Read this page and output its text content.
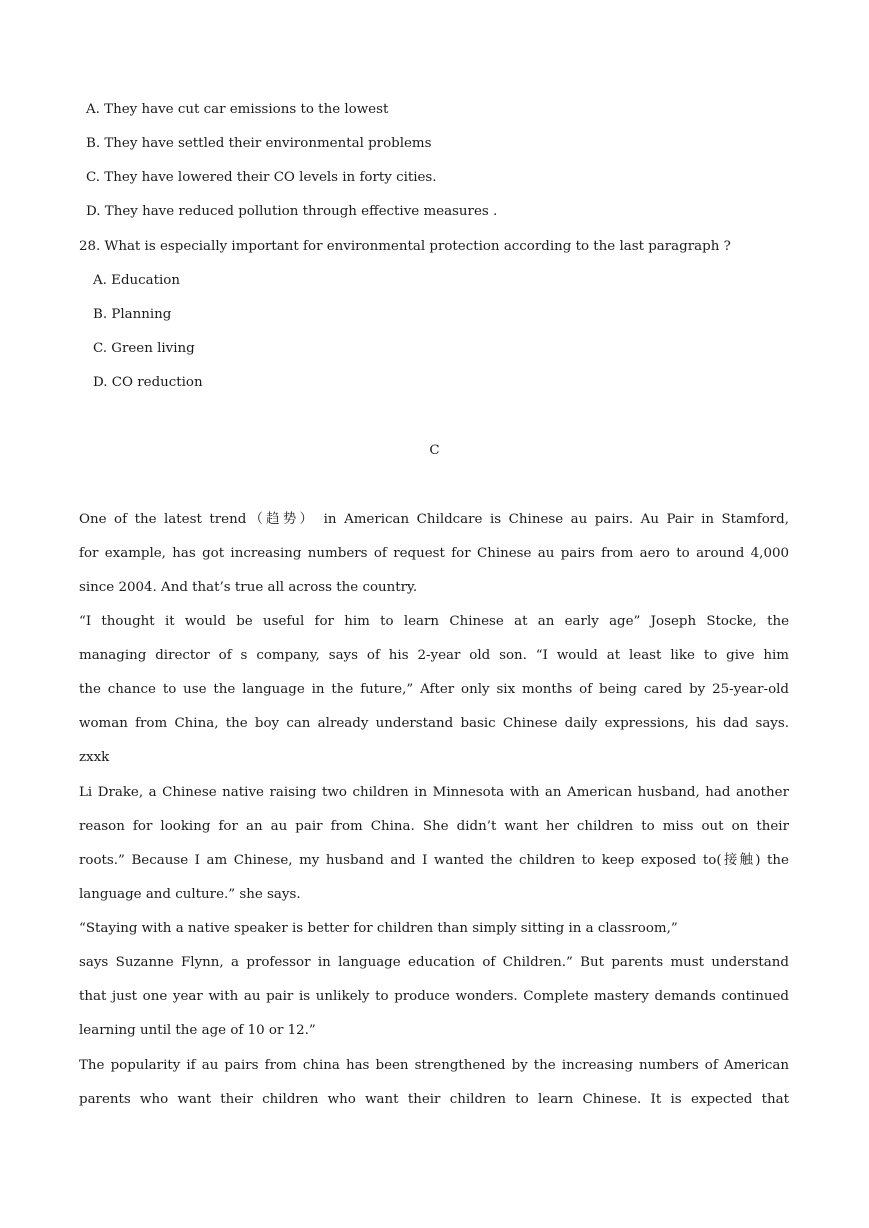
A. They have cut car emissions to the lowest
B. They have settled their environmental problems
C. They have lowered their CO levels in forty cities.
D. They have reduced pollution through effective measures .
28. What is especially important for environmental protection according to the last paragraph ?
A. Education
B. Planning
C. Green living
D. CO reduction
C
One of the latest trend（趋势） in American Childcare is Chinese au pairs. Au Pair in Stamford,
for example, has got increasing numbers of request for Chinese au pairs from aero to around 4,000
since 2004. And that’s true all across the country.
“I thought it would be useful for him to learn Chinese at an early age” Joseph Stocke, the
managing director of s company, says of his 2-year old son. “I would at least like to give him
the chance to use the language in the future,” After only six months of being cared by 25-year-old
woman from China, the boy can already understand basic Chinese daily expressions, his dad says.
zxxk
Li Drake, a Chinese native raising two children in Minnesota with an American husband, had another
reason for looking for an au pair from China. She didn’t want her children to miss out on their
roots.” Because I am Chinese, my husband and I wanted the children to keep exposed to(接触) the
language and culture.” she says.
“Staying with a native speaker is better for children than simply sitting in a classroom,”
says Suzanne Flynn, a professor in language education of Children.” But parents must understand
that just one year with au pair is unlikely to produce wonders. Complete mastery demands continued
learning until the age of 10 or 12.”
The popularity if au pairs from china has been strengthened by the increasing numbers of American
parents who want their children who want their children to learn Chinese. It is expected that
